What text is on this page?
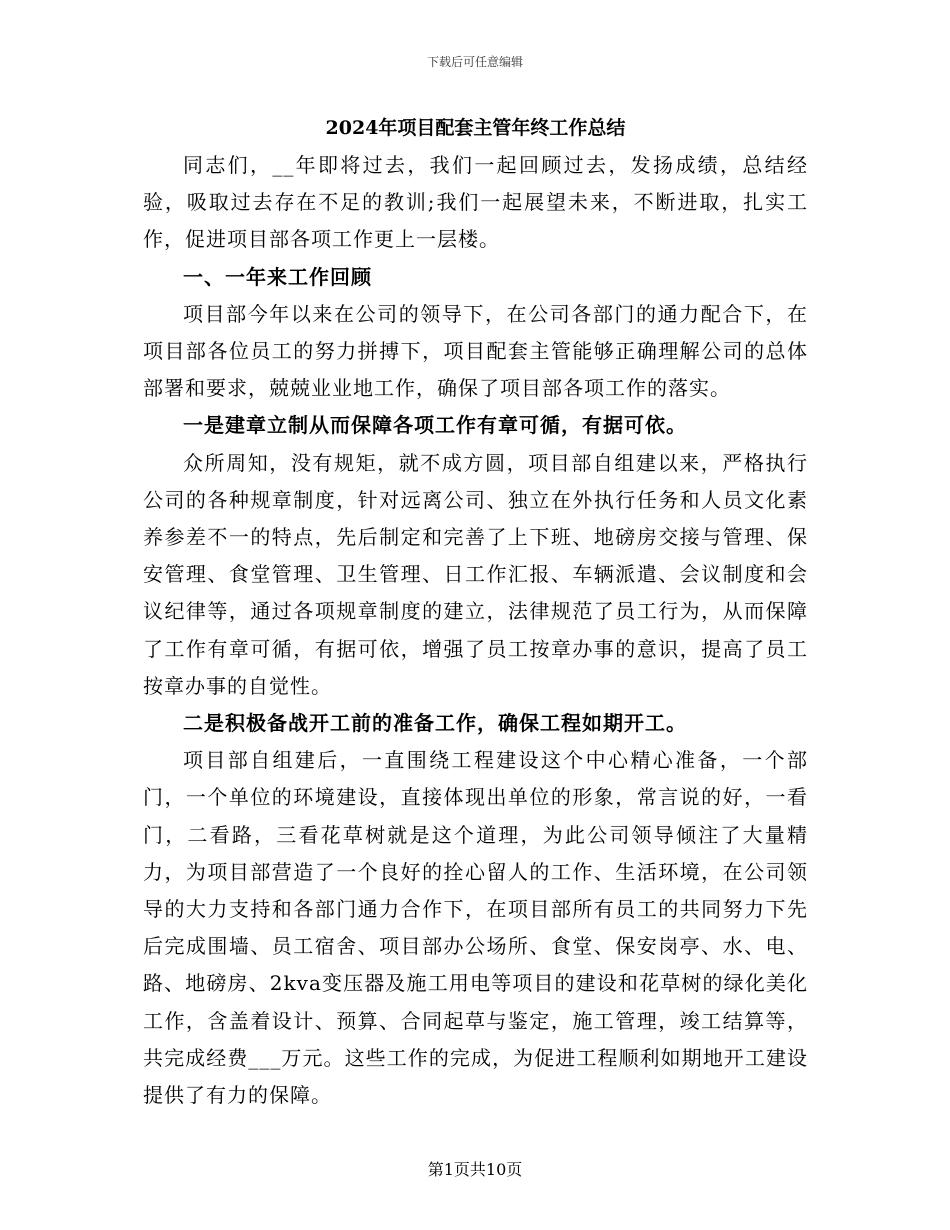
下载后可任意编辑
2024年项目配套主管年终工作总结
同志们，__年即将过去，我们一起回顾过去，发扬成绩，总结经验，吸取过去存在不足的教训;我们一起展望未来，不断进取，扎实工作，促进项目部各项工作更上一层楼。
一、一年来工作回顾
项目部今年以来在公司的领导下，在公司各部门的通力配合下，在项目部各位员工的努力拼搏下，项目配套主管能够正确理解公司的总体部署和要求，兢兢业业地工作，确保了项目部各项工作的落实。
一是建章立制从而保障各项工作有章可循，有据可依。
众所周知，没有规矩，就不成方圆，项目部自组建以来，严格执行公司的各种规章制度，针对远离公司、独立在外执行任务和人员文化素养参差不一的特点，先后制定和完善了上下班、地磅房交接与管理、保安管理、食堂管理、卫生管理、日工作汇报、车辆派遣、会议制度和会议纪律等，通过各项规章制度的建立，法律规范了员工行为，从而保障了工作有章可循，有据可依，增强了员工按章办事的意识，提高了员工按章办事的自觉性。
二是积极备战开工前的准备工作，确保工程如期开工。
项目部自组建后，一直围绕工程建设这个中心精心准备，一个部门，一个单位的环境建设，直接体现出单位的形象，常言说的好，一看门，二看路，三看花草树就是这个道理，为此公司领导倾注了大量精力，为项目部营造了一个良好的拴心留人的工作、生活环境，在公司领导的大力支持和各部门通力合作下，在项目部所有员工的共同努力下先后完成围墙、员工宿舍、项目部办公场所、食堂、保安岗亭、水、电、路、地磅房、2kva变压器及施工用电等项目的建设和花草树的绿化美化工作，含盖着设计、预算、合同起草与鉴定，施工管理，竣工结算等，共完成经费___万元。这些工作的完成，为促进工程顺利如期地开工建设提供了有力的保障。
第1页共10页
